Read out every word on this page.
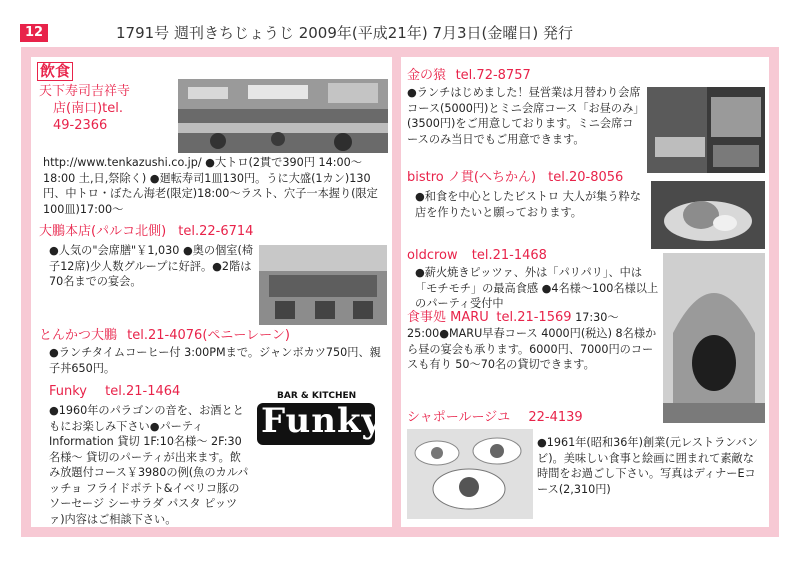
12	1791号 週刊きちじょうじ 2009年(平成21年) 7月3日(金曜日) 発行
飲食
天下寿司吉祥寺
店(南口)tel.
49-2366
http://www.tenkazushi.co.jp/ ●大トロ(2貫で390円 14:00～18:00 土,日,祭除く) ●廻転寿司1皿130円。うに大盛(1カン)130円、中トロ・ぼたん海老(限定)18:00～ラスト、穴子一本握り(限定100皿)17:00～
大鵬本店(パルコ北側) tel.22-6714
●人気の"会席膳"￥1,030 ●奥の個室(椅子12席)少人数グループに好評。●2階は70名までの宴会。
とんかつ大鵬 tel.21-4076(ペニーレーン)
●ランチタイムコーヒー付 3:00PMまで。ジャンボカツ750円、親子丼650円。
Funky tel.21-1464	BAR & KITCHEN
Funky
●1960年のパラゴンの音を、お酒とともにお楽しみ下さい●パーティInformation 貸切 1F:10名様～ 2F:30名様～ 貸切のパーティが出来ます。飲み放題付コース￥3980の例(魚のカルパッチョ フライドポテト&イベリコ豚のソーセージ シーサラダ パスタ ピッツァ)内容はご相談下さい。
金の猿 tel.72-8757
●ランチはじめました！昼営業は月替わり会席コース(5000円)とミニ会席コース「お昼のみ」(3500円)をご用意しております。ミニ会席コースのみ当日でもご用意できます。
bistro ノ貫(へちかん) tel.20-8056
●和食を中心としたビストロ 大人が集う粋な店を作りたいと願っております。
oldcrow tel.21-1468
●薪火焼きピッツァ、外は「パリパリ」、中は「モチモチ」の最高食感 ●4名様～100名様以上のパーティ受付中
食事処 MARU tel.21-1569 17:30～25:00●MARU早春コース 4000円(税込) 8名様から昼の宴会も承ります。6000円、7000円のコースも有り 50～70名の貸切できます。
シャポールージユ 22-4139
●1961年(昭和36年)創業(元レストランバンビ)。美味しい食事と絵画に囲まれて素敵な時間をお過ごし下さい。写真はディナーEコース(2,310円)
